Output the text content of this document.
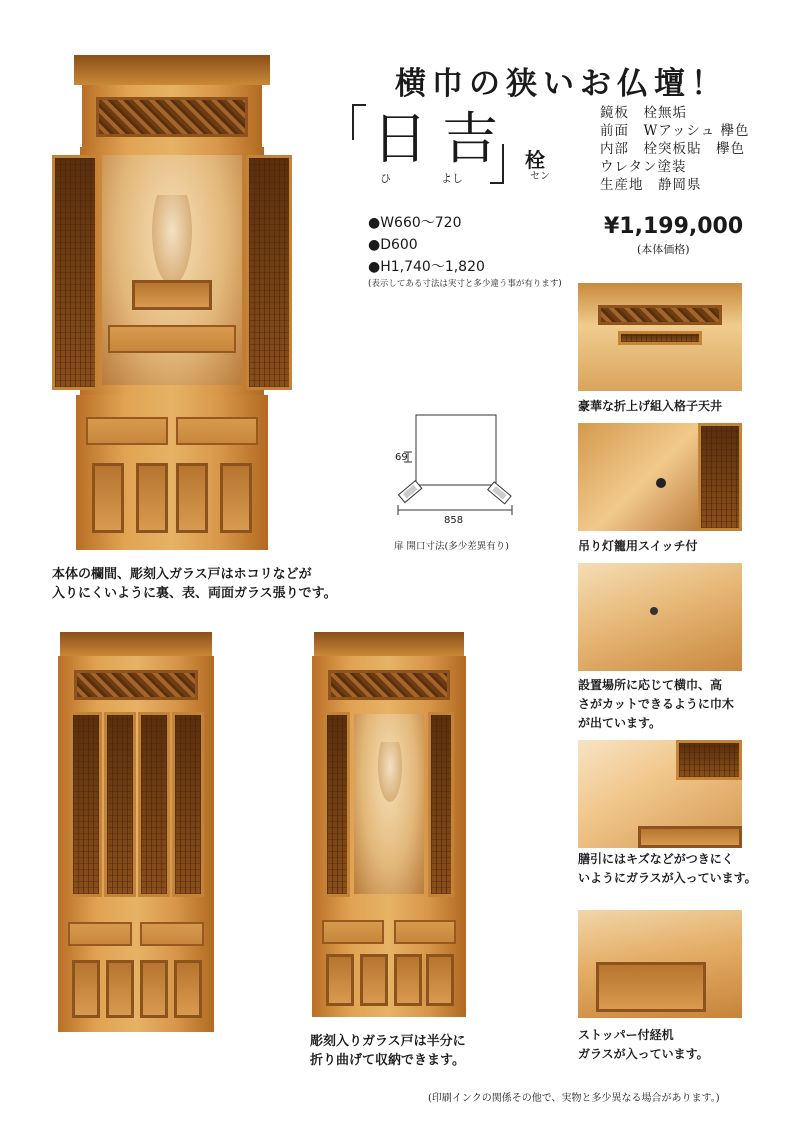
横巾の狭いお仏壇！
日吉
ひ	よし
栓
セン
鏡板　栓無垢
前面　Wアッシュ 欅色
内部　栓突板貼　欅色
ウレタン塗装
生産地　静岡県
¥1,199,000
(本体価格)
●W660～720
●D600
●H1,740～1,820
(表示してある寸法は実寸と多少違う事が有ります)
本体の欄間、彫刻入ガラス戸はホコリなどが
入りにくいように裏、表、両面ガラス張りです。
69
858
扉 開口寸法(多少差異有り)
彫刻入りガラス戸は半分に
折り曲げて収納できます。
豪華な折上げ組入格子天井
吊り灯籠用スイッチ付
設置場所に応じて横巾、高
さがカットできるように巾木
が出ています。
膳引にはキズなどがつきにく
いようにガラスが入っています。
ストッパー付経机
ガラスが入っています。
(印刷インクの関係その他で、実物と多少異なる場合があります。)
